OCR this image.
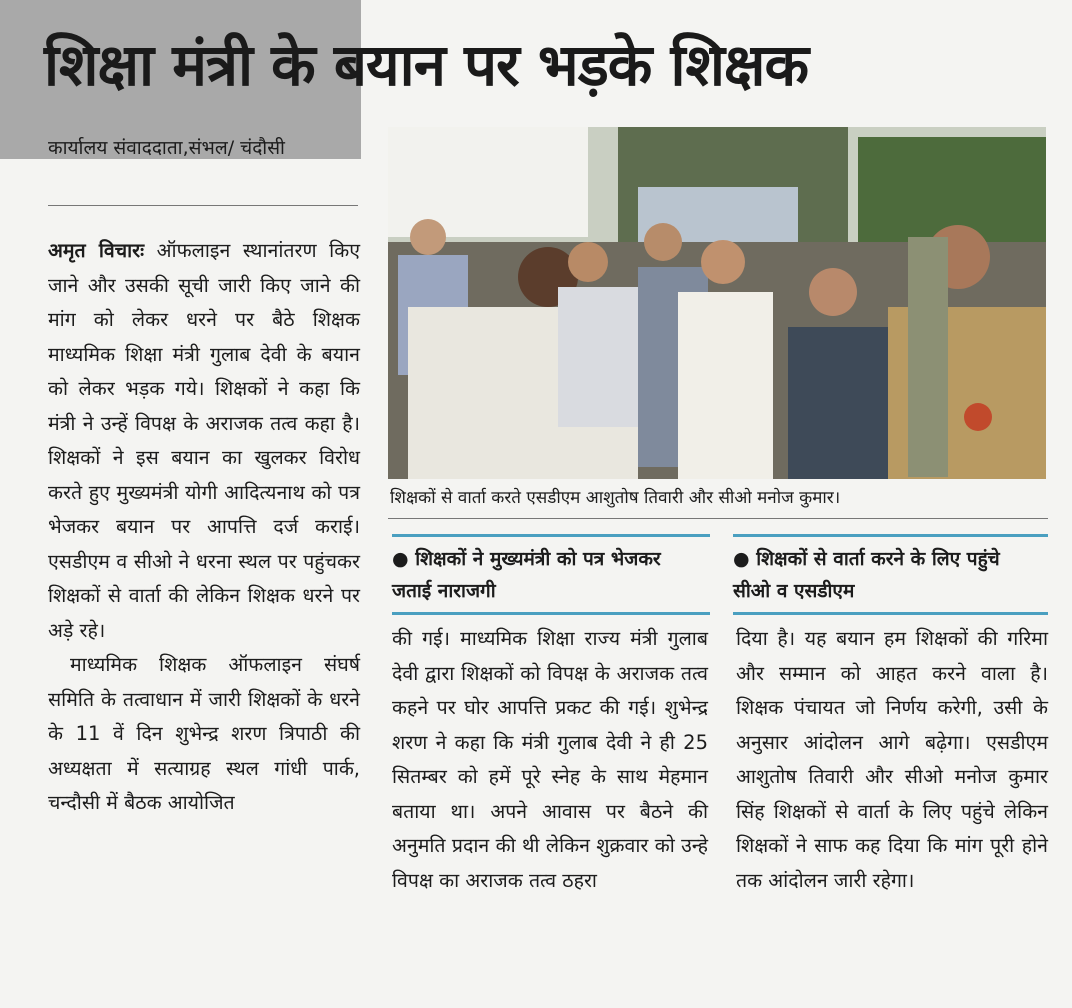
शिक्षा मंत्री के बयान पर भड़के शिक्षक
कार्यालय संवाददाता,संभल/ चंदौसी

अमृत विचारः ऑफलाइन स्थानांतरण किए जाने और उसकी सूची जारी किए जाने की मांग को लेकर धरने पर बैठे शिक्षक माध्यमिक शिक्षा मंत्री गुलाब देवी के बयान को लेकर भड़क गये। शिक्षकों ने कहा कि मंत्री ने उन्हें विपक्ष के अराजक तत्व कहा है। शिक्षकों ने इस बयान का खुलकर विरोध करते हुए मुख्यमंत्री योगी आदित्यनाथ को पत्र भेजकर बयान पर आपत्ति दर्ज कराई। एसडीएम व सीओ ने धरना स्थल पर पहुंचकर शिक्षकों से वार्ता की लेकिन शिक्षक धरने पर अड़े रहे।

माध्यमिक शिक्षक ऑफलाइन संघर्ष समिति के तत्वाधान में जारी शिक्षकों के धरने के 11 वें दिन शुभेन्द्र शरण त्रिपाठी की अध्यक्षता में सत्याग्रह स्थल गांधी पार्क, चन्दौसी में बैठक आयोजित

शिक्षकों से वार्ता करते एसडीएम आशुतोष तिवारी और सीओ मनोज कुमार।
● शिक्षकों ने मुख्यमंत्री को पत्र भेजकर जताई नाराजगी

की गई। माध्यमिक शिक्षा राज्य मंत्री गुलाब देवी द्वारा शिक्षकों को विपक्ष के अराजक तत्व कहने पर घोर आपत्ति प्रकट की गई। शुभेन्द्र शरण ने कहा कि मंत्री गुलाब देवी ने ही 25 सितम्बर को हमें पूरे स्नेह के साथ मेहमान बताया था। अपने आवास पर बैठने की अनुमति प्रदान की थी लेकिन शुक्रवार को उन्हे विपक्ष का अराजक तत्व ठहरा

● शिक्षकों से वार्ता करने के लिए पहुंचे सीओ व एसडीएम

दिया है। यह बयान हम शिक्षकों की गरिमा और सम्मान को आहत करने वाला है। शिक्षक पंचायत जो निर्णय करेगी, उसी के अनुसार आंदोलन आगे बढ़ेगा। एसडीएम आशुतोष तिवारी और सीओ मनोज कुमार सिंह शिक्षकों से वार्ता के लिए पहुंचे लेकिन शिक्षकों ने साफ कह दिया कि मांग पूरी होने तक आंदोलन जारी रहेगा।
